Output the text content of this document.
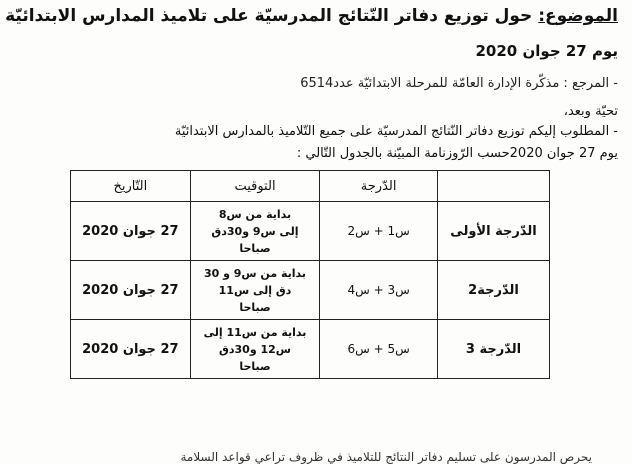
الموضوع: حول توزيع دفاتر النّتائج المدرسيّة على تلاميذ المدارس الابتدائيّة
يوم 27 جوان 2020
- المرجع : مذكّرة الإدارة العامّة للمرحلة الابتدائيّة عدد6514
تحيّة وبعد،
- المطلوب إليكم توزيع دفاتر النّتائج المدرسيّة على جميع التّلاميذ بالمدارس الابتدائيّة
يوم 27 جوان 2020حسب الرّوزنامة المبيّنة بالجدول التّالي :
	الدّرجة	التوقيت	التّاريخ
الدّرجة الأولى	س1 + س2	بداية من س8
إلى س9 و30دق
صباحا	27 جوان 2020
الدّرجة2	س3 + س4	بداية من س9 و 30
دق إلى س11
صباحا	27 جوان 2020
الدّرجة 3	س5 + س6	بداية من س11 إلى
س12 و30دق
صباحا	27 جوان 2020
يحرص المدرسون على تسليم دفاتر النتائج للتلاميذ في ظروف تراعي قواعد السلامة
